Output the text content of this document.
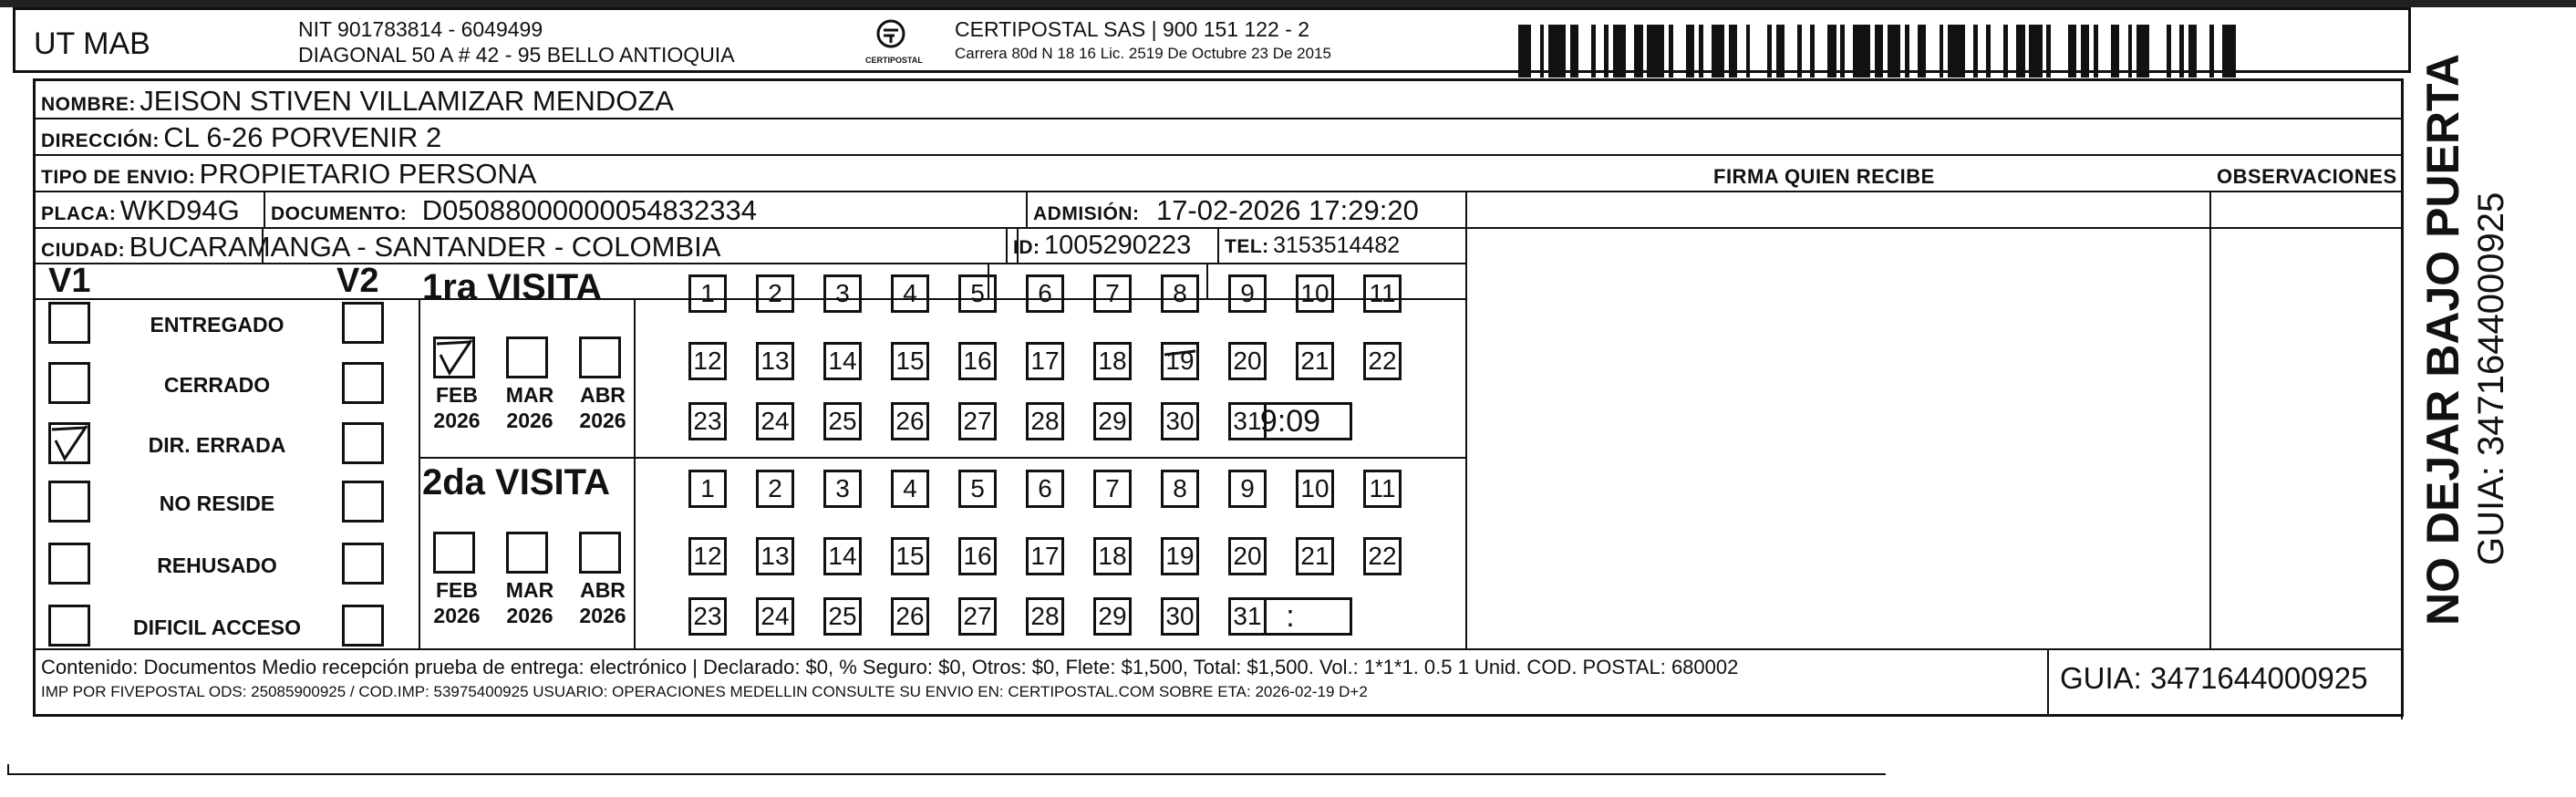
UT MAB	NIT 901783814 - 6049499
DIAGONAL 50 A # 42 - 95 BELLO ANTIOQUIA	CERTIPOSTAL
CERTIPOSTAL SAS | 900 151 122 - 2
Carrera 80d N 18 16 Lic. 2519 De Octubre 23 De 2015
NOMBRE: JEISON STIVEN VILLAMIZAR MENDOZA
DIRECCIÓN: CL 6-26 PORVENIR 2
TIPO DE ENVIO: PROPIETARIO PERSONA	FIRMA QUIEN RECIBE	OBSERVACIONES
PLACA: WKD94G DOCUMENTO: D05088000000054832334	ADMISIÓN: 17-02-2026 17:29:20
CIUDAD: BUCARAMANGA - SANTANDER - COLOMBIA	ID: 1005290223 TEL: 3153514482
V1	V2
ENTREGADO
CERRADO
DIR. ERRADA
NO RESIDE
REHUSADO
DIFICIL ACCESO
1ra VISITA
FEB
2026
MAR
2026
ABR
2026
1	2	3	4	5	6	7	8	9	10 11
12 13 14 15 16 17 18 19 20 21 22
23 24 25 26 27 28 29 30 31
9:09
2da VISITA
FEB
2026
MAR
2026
ABR
2026
1	2	3	4	5	6	7	8	9	10 11
12 13 14 15 16 17 18 19 20 21 22
23 24 25 26 27 28 29 30 31 :
Contenido: Documentos Medio recepción prueba de entrega: electrónico | Declarado: $0, % Seguro: $0, Otros: $0, Flete: $1,500, Total: $1,500. Vol.: 1*1*1. 0.5 1 Unid. COD. POSTAL: 680002
IMP POR FIVEPOSTAL ODS: 25085900925 / COD.IMP: 53975400925 USUARIO: OPERACIONES MEDELLIN CONSULTE SU ENVIO EN: CERTIPOSTAL.COM SOBRE ETA: 2026-02-19 D+2	GUIA: 3471644000925
NO DEJAR BAJO PUERTA GUIA: 3471644000925
